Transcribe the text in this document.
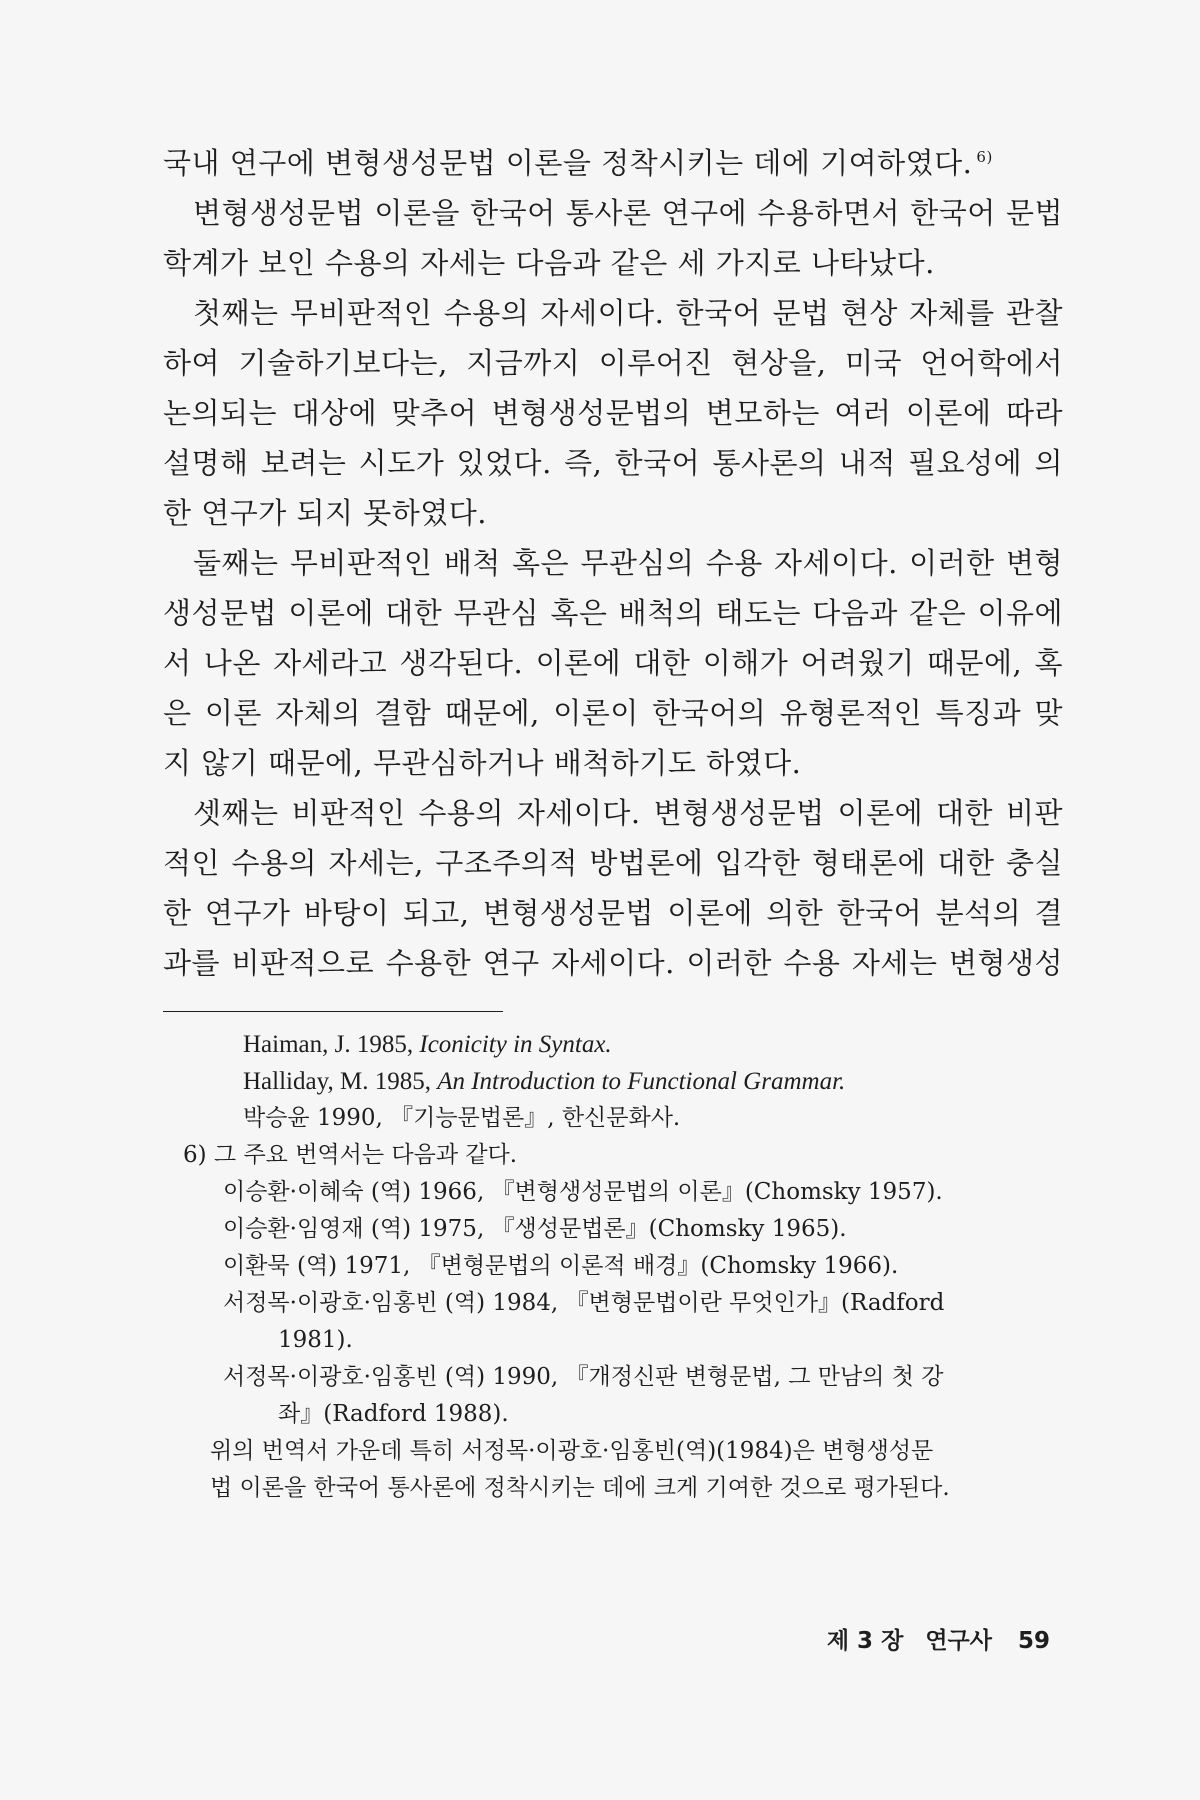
국내 연구에 변형생성문법 이론을 정착시키는 데에 기여하였다. $^{6)}$
변형생성문법 이론을 한국어 통사론 연구에 수용하면서 한국어 문법
학계가 보인 수용의 자세는 다음과 같은 세 가지로 나타났다.
첫째는 무비판적인 수용의 자세이다. 한국어 문법 현상 자체를 관찰
하여 기술하기보다는, 지금까지 이루어진 현상을, 미국 언어학에서
논의되는 대상에 맞추어 변형생성문법의 변모하는 여러 이론에 따라
설명해 보려는 시도가 있었다. 즉, 한국어 통사론의 내적 필요성에 의
한 연구가 되지 못하였다.
둘째는 무비판적인 배척 혹은 무관심의 수용 자세이다. 이러한 변형
생성문법 이론에 대한 무관심 혹은 배척의 태도는 다음과 같은 이유에
서 나온 자세라고 생각된다. 이론에 대한 이해가 어려웠기 때문에, 혹
은 이론 자체의 결함 때문에, 이론이 한국어의 유형론적인 특징과 맞
지 않기 때문에, 무관심하거나 배척하기도 하였다.
셋째는 비판적인 수용의 자세이다. 변형생성문법 이론에 대한 비판
적인 수용의 자세는, 구조주의적 방법론에 입각한 형태론에 대한 충실
한 연구가 바탕이 되고, 변형생성문법 이론에 의한 한국어 분석의 결
과를 비판적으로 수용한 연구 자세이다. 이러한 수용 자세는 변형생성
Haiman, J. 1985, Iconicity in Syntax.
Halliday, M. 1985, An Introduction to Functional Grammar.
박승윤 1990, 『기능문법론』, 한신문화사.
6) 그 주요 번역서는 다음과 같다.
이승환·이혜숙 (역) 1966, 『변형생성문법의 이론』(Chomsky 1957).
이승환·임영재 (역) 1975, 『생성문법론』(Chomsky 1965).
이환묵 (역) 1971, 『변형문법의 이론적 배경』(Chomsky 1966).
서정목·이광호·임홍빈 (역) 1984, 『변형문법이란 무엇인가』(Radford
1981).
서정목·이광호·임홍빈 (역) 1990, 『개정신판 변형문법, 그 만남의 첫 강
좌』(Radford 1988).
위의 번역서 가운데 특히 서정목·이광호·임홍빈(역)(1984)은 변형생성문
법 이론을 한국어 통사론에 정착시키는 데에 크게 기여한 것으로 평가된다.
제 3 장 연구사 59
